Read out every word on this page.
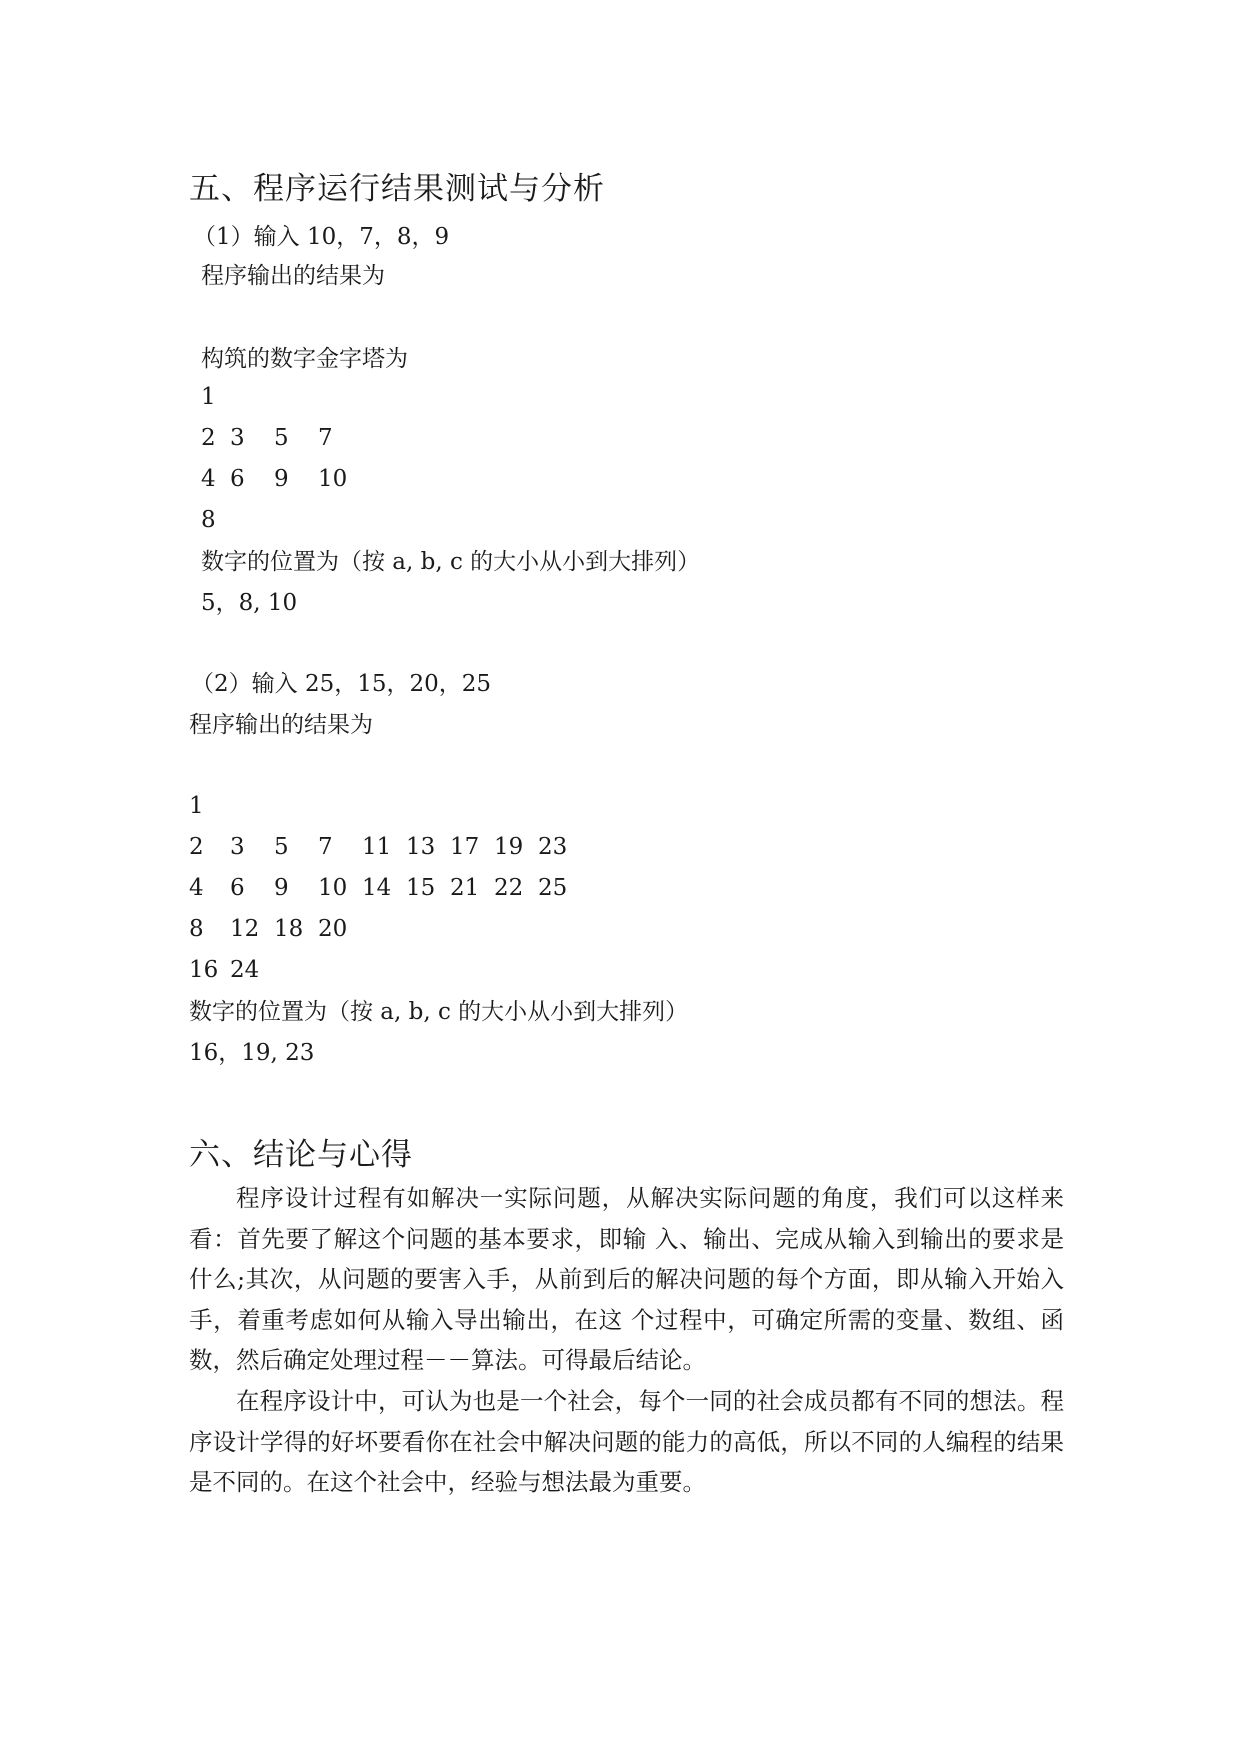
五、程序运行结果测试与分析
（1）输入 10，7，8，9
程序输出的结果为
构筑的数字金字塔为
1
2 3 5 7
4 6 9 10
8
数字的位置为（按 a, b, c 的大小从小到大排列）
5，8, 10
（2）输入 25，15，20，25
程序输出的结果为
1
2 3 5 7 11 13 17 19 23
4 6 9 10 14 15 21 22 25
8 12 18 20
16 24
数字的位置为（按 a, b, c 的大小从小到大排列）
16，19, 23
六、结论与心得

程序设计过程有如解决一实际问题，从解决实际问题的角度，我们可以这样来看：首先要了解这个问题的基本要求，即输 入、输出、完成从输入到输出的要求是什么;其次，从问题的要害入手，从前到后的解决问题的每个方面，即从输入开始入手，着重考虑如何从输入导出输出，在这 个过程中，可确定所需的变量、数组、函数，然后确定处理过程－－算法。可得最后结论。

在程序设计中，可认为也是一个社会，每个一同的社会成员都有不同的想法。程序设计学得的好坏要看你在社会中解决问题的能力的高低，所以不同的人编程的结果是不同的。在这个社会中，经验与想法最为重要。
